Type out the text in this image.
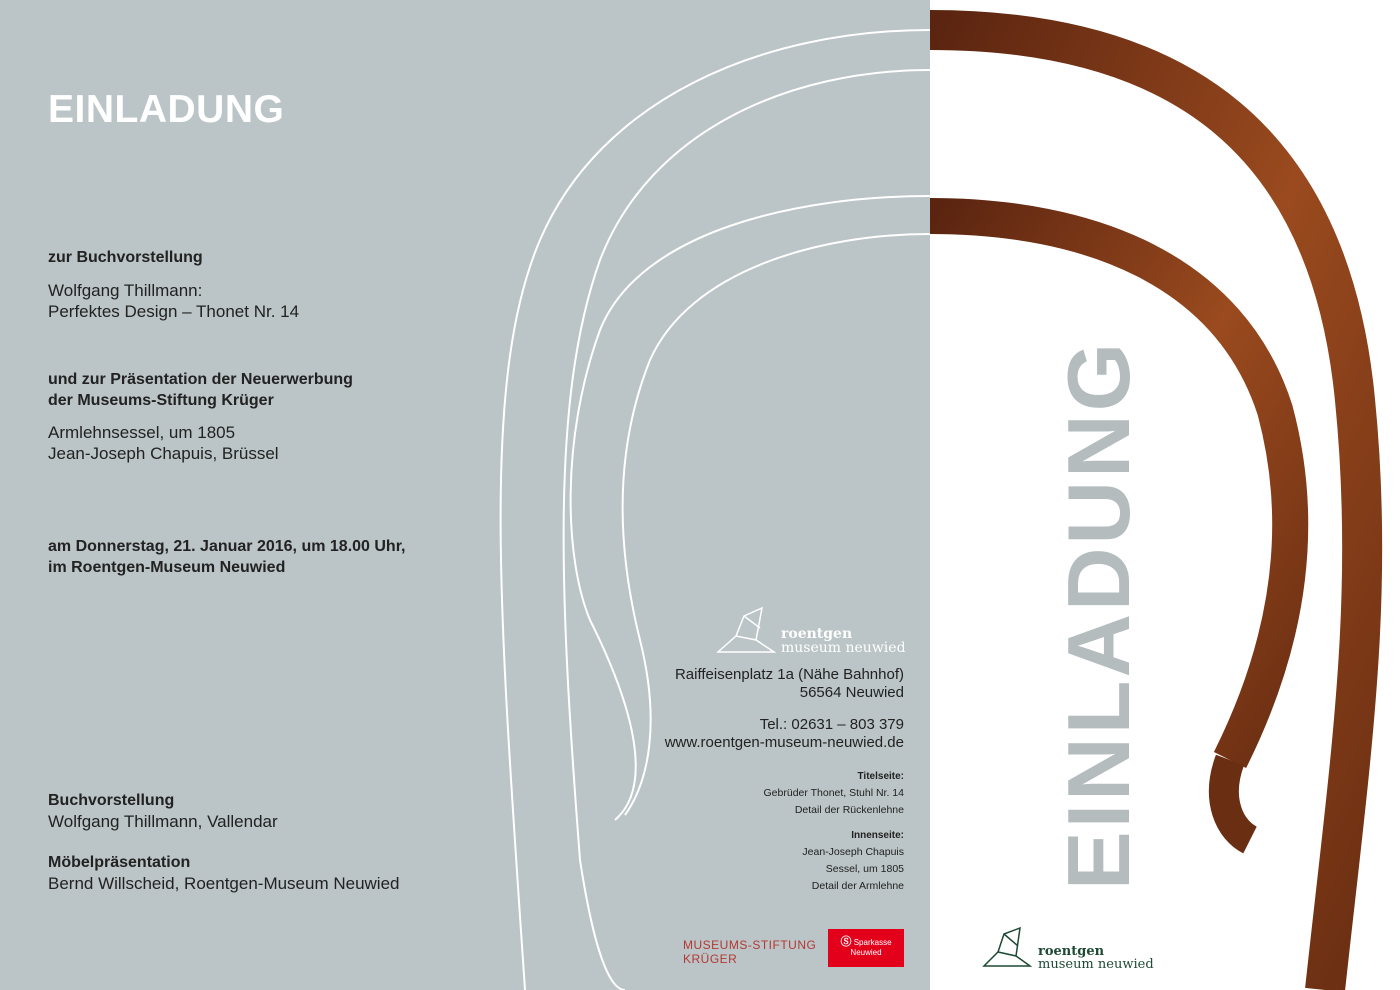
EINLADUNG
zur Buchvorstellung
Wolfgang Thillmann:
Perfektes Design – Thonet Nr. 14
und zur Präsentation der Neuerwerbung
der Museums-Stiftung Krüger
Armlehnsessel, um 1805
Jean-Joseph Chapuis, Brüssel
am Donnerstag, 21. Januar 2016, um 18.00 Uhr,
im Roentgen-Museum Neuwied
Buchvorstellung
Wolfgang Thillmann, Vallendar
Möbelpräsentation
Bernd Willscheid, Roentgen-Museum Neuwied
roentgen
museum neuwied
Raiffeisenplatz 1a (Nähe Bahnhof)
56564 Neuwied
Tel.: 02631 – 803 379
www.roentgen-museum-neuwied.de
Titelseite:
Gebrüder Thonet, Stuhl Nr. 14
Detail der Rückenlehne
Innenseite:
Jean-Joseph Chapuis
Sessel, um 1805
Detail der Armlehne
MUSEUMS-STIFTUNG
KRÜGER
Ⓢ Sparkasse
Neuwied	roentgen
museum neuwied
EINLADUNG
